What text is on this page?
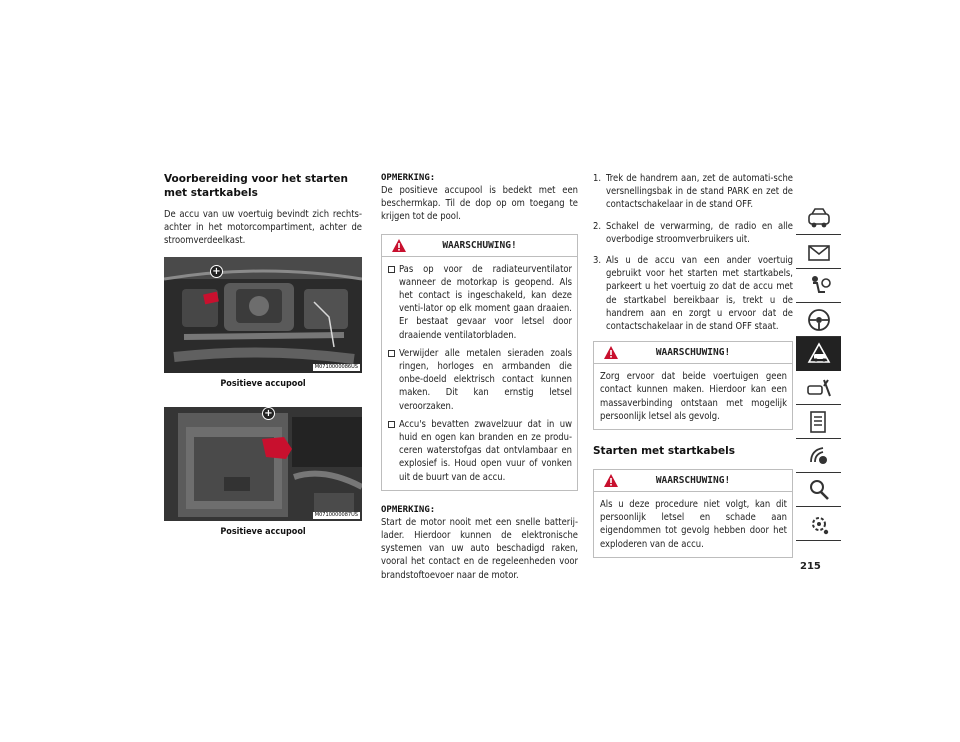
Voorbereiding voor het starten met startkabels
De accu van uw voertuig bevindt zich rechts-achter in het motorcompartiment, achter de stroomverdeelkast.
+
M0710000086US
Positieve accupool
+
M0710000087US
Positieve accupool
OPMERKING:
De positieve accupool is bedekt met een beschermkap. Til de dop op om toegang te krijgen tot de pool.
WAARSCHUWING!
Pas op voor de radiateurventilator wanneer de motorkap is geopend. Als het contact is ingeschakeld, kan deze venti-lator op elk moment gaan draaien. Er bestaat gevaar voor letsel door draaiende ventilatorbladen.
Verwijder alle metalen sieraden zoals ringen, horloges en armbanden die onbe-doeld elektrisch contact kunnen maken. Dit kan ernstig letsel veroorzaken.
Accu's bevatten zwavelzuur dat in uw huid en ogen kan branden en ze produ-ceren waterstofgas dat ontvlambaar en explosief is. Houd open vuur of vonken uit de buurt van de accu.
OPMERKING:
Start de motor nooit met een snelle batterij-lader. Hierdoor kunnen de elektronische systemen van uw auto beschadigd raken, vooral het contact en de regeleenheden voor brandstoftoevoer naar de motor.
1. Trek de handrem aan, zet de automati-sche versnellingsbak in de stand PARK en zet de contactschakelaar in de stand OFF.
2. Schakel de verwarming, de radio en alle overbodige stroomverbruikers uit.
3. Als u de accu van een ander voertuig gebruikt voor het starten met startkabels, parkeert u het voertuig zo dat de accu met de startkabel bereikbaar is, trekt u de handrem aan en zorgt u ervoor dat de contactschakelaar in de stand OFF staat.
WAARSCHUWING!
Zorg ervoor dat beide voertuigen geen contact kunnen maken. Hierdoor kan een massaverbinding ontstaan met mogelijk persoonlijk letsel als gevolg.
Starten met startkabels
WAARSCHUWING!
Als u deze procedure niet volgt, kan dit persoonlijk letsel en schade aan eigendommen tot gevolg hebben door het exploderen van de accu.
215
